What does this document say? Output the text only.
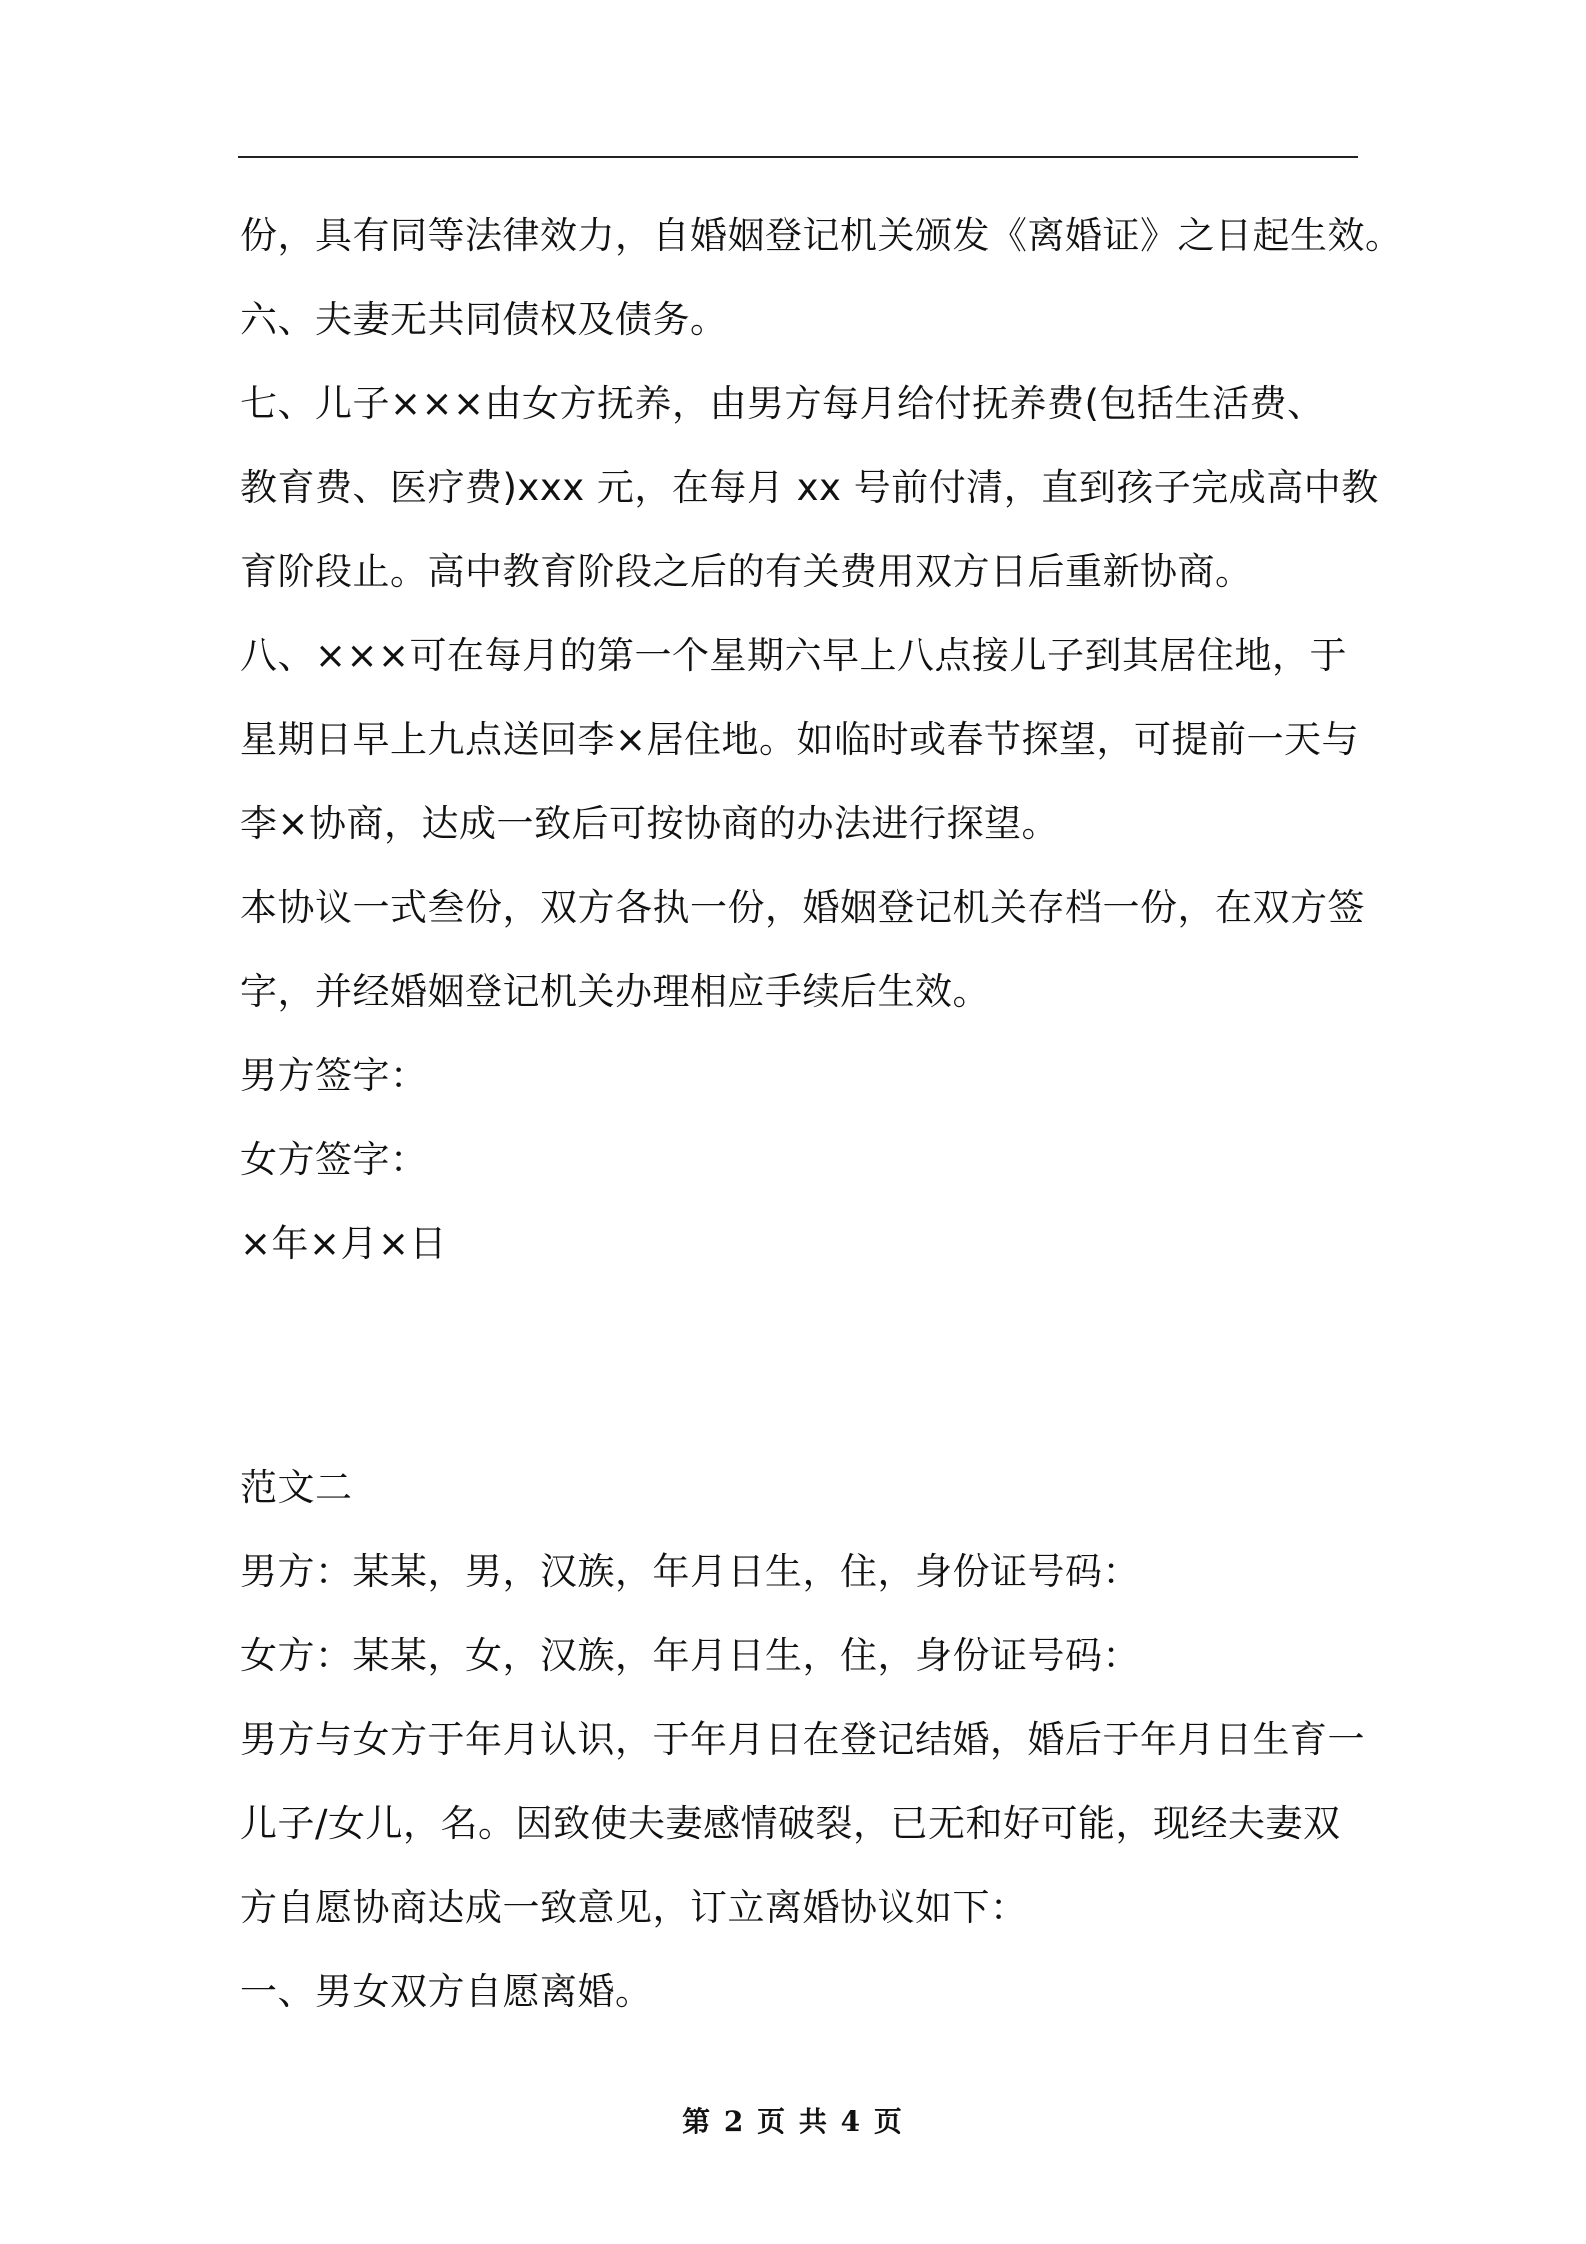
份，具有同等法律效力，自婚姻登记机关颁发《离婚证》之日起生效。
六、夫妻无共同债权及债务。
七、儿子×××由女方抚养，由男方每月给付抚养费(包括生活费、
教育费、医疗费)xxx 元，在每月 xx 号前付清，直到孩子完成高中教
育阶段止。高中教育阶段之后的有关费用双方日后重新协商。
八、×××可在每月的第一个星期六早上八点接儿子到其居住地，于
星期日早上九点送回李×居住地。如临时或春节探望，可提前一天与
李×协商，达成一致后可按协商的办法进行探望。
本协议一式叁份，双方各执一份，婚姻登记机关存档一份，在双方签
字，并经婚姻登记机关办理相应手续后生效。
男方签字：
女方签字：
×年×月×日
范文二
男方：某某，男，汉族，年月日生，住，身份证号码：
女方：某某，女，汉族，年月日生，住，身份证号码：
男方与女方于年月认识，于年月日在登记结婚，婚后于年月日生育一
儿子/女儿，名。因致使夫妻感情破裂，已无和好可能，现经夫妻双
方自愿协商达成一致意见，订立离婚协议如下：
一、男女双方自愿离婚。
第 2 页 共 4 页
